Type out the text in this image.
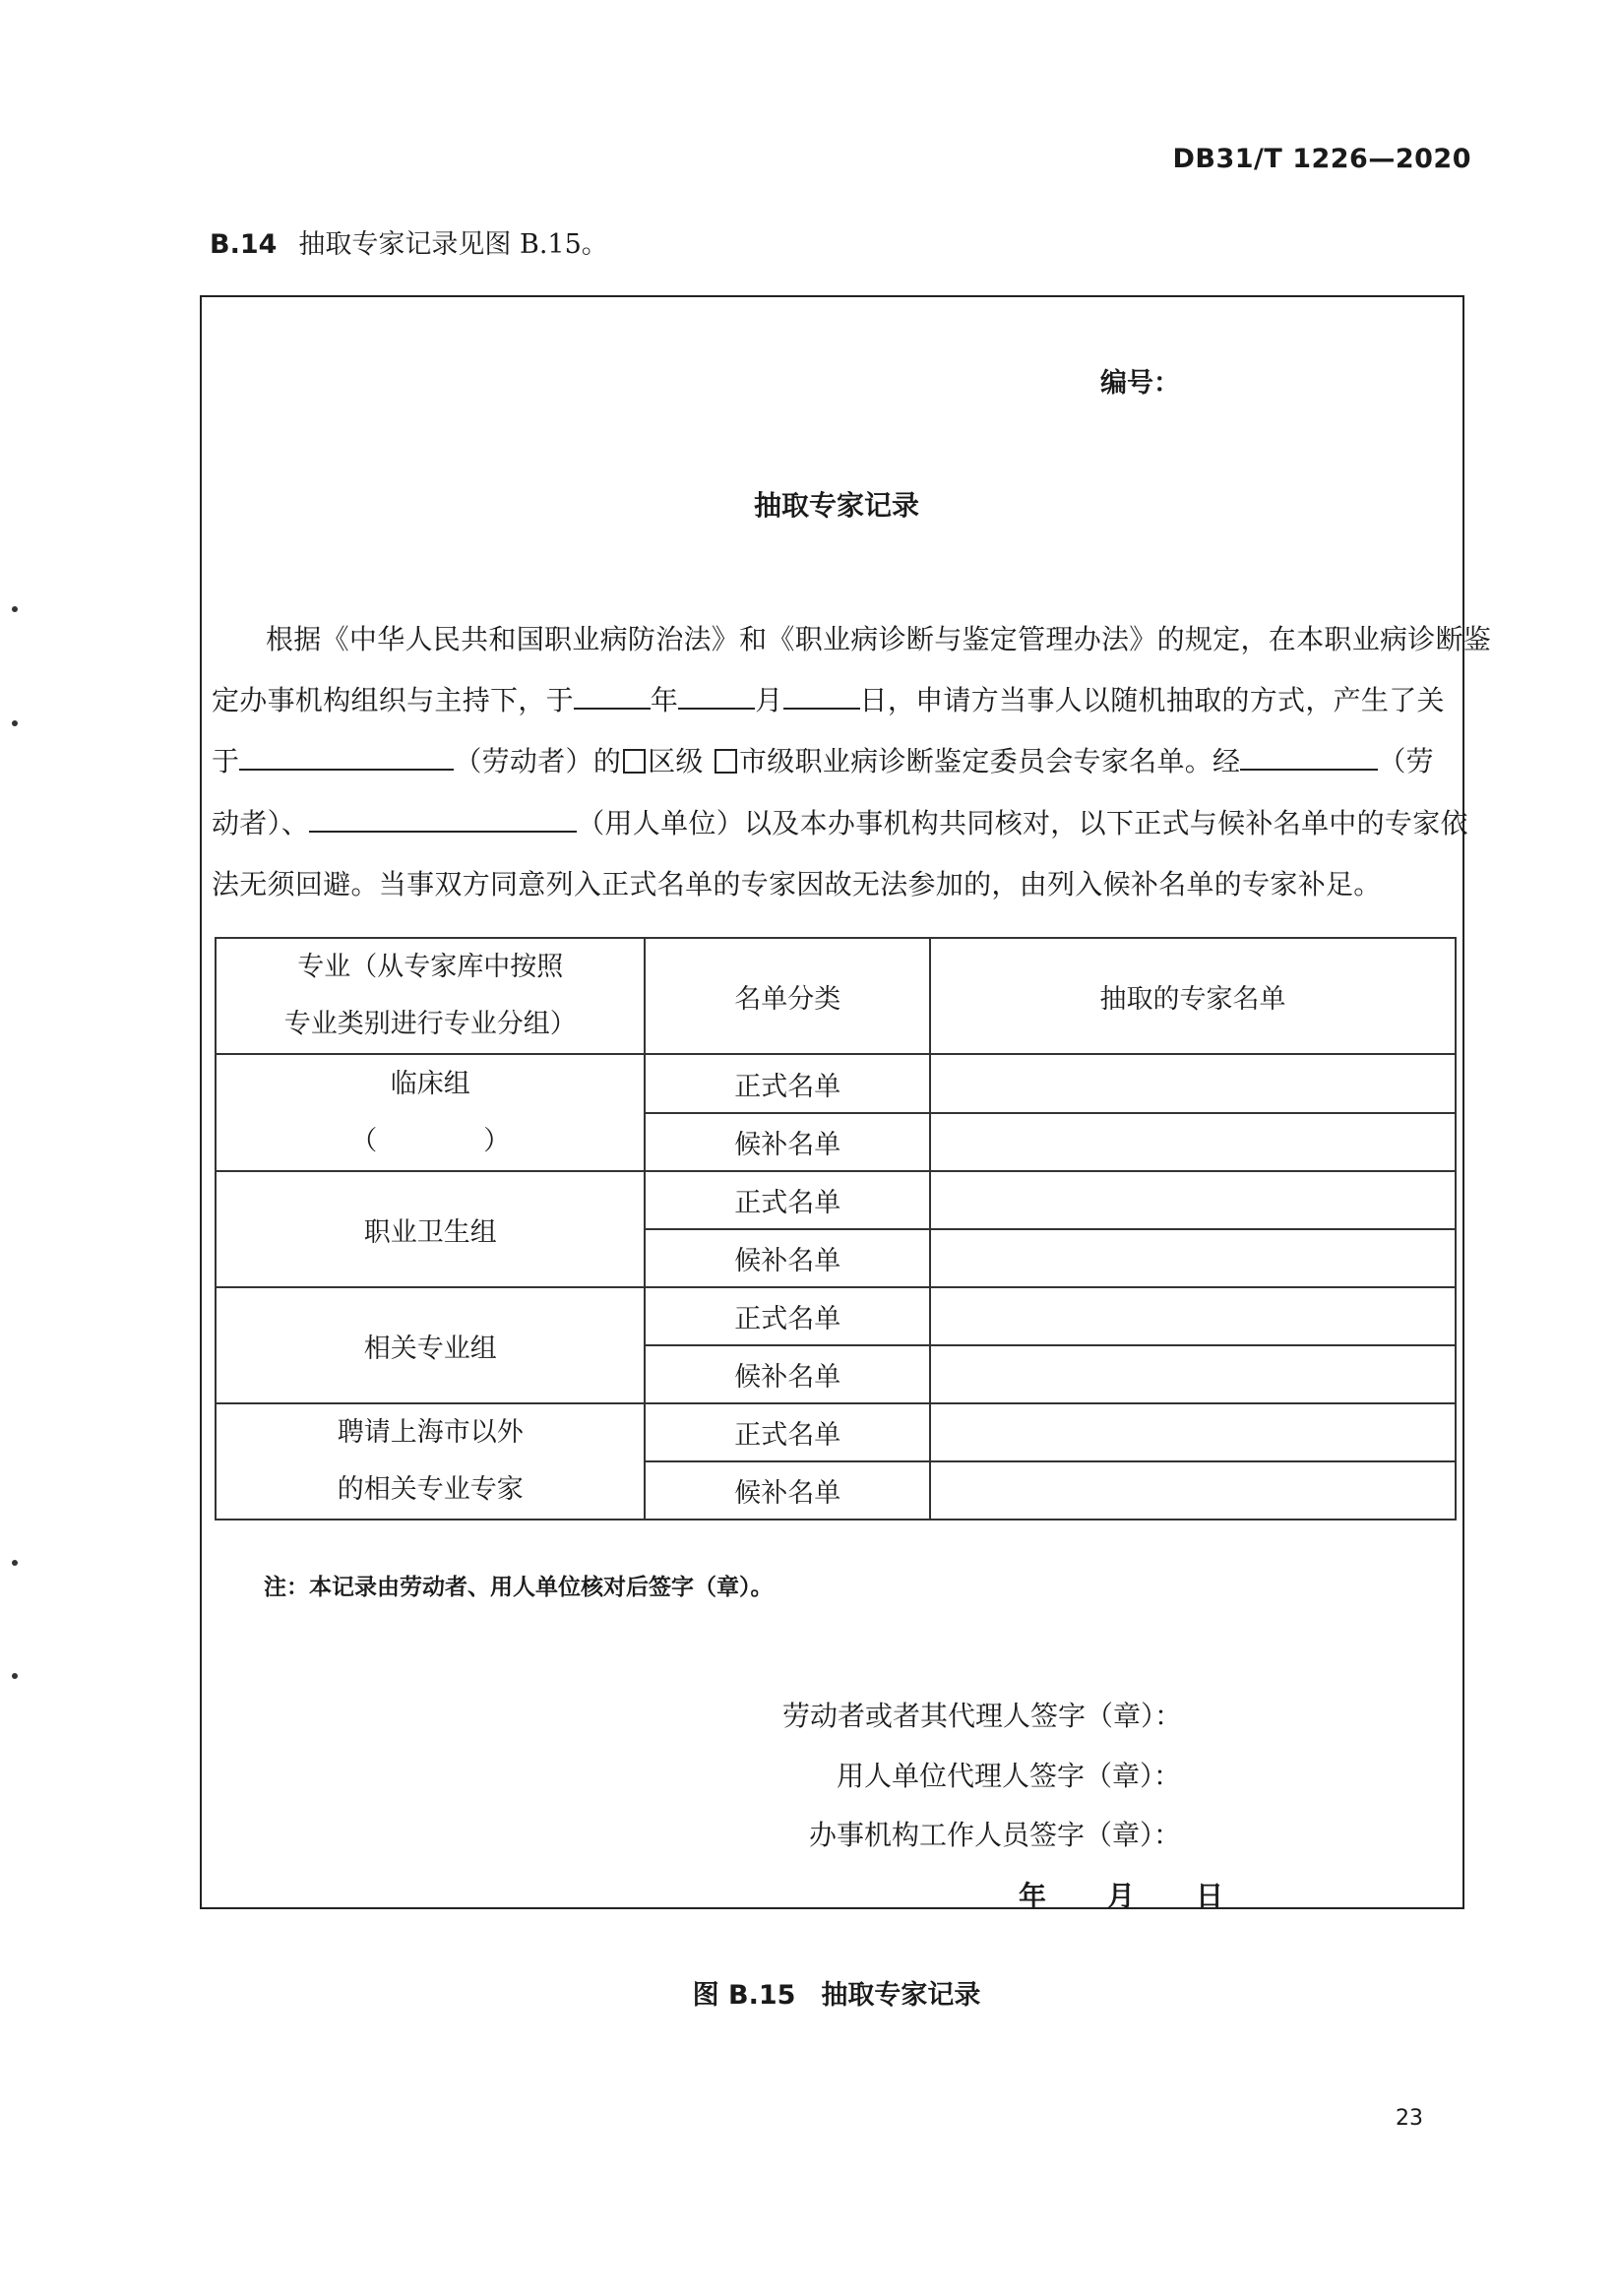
DB31/T 1226—2020
B.14 抽取专家记录见图 B.15。
编号：
抽取专家记录
根据《中华人民共和国职业病防治法》和《职业病诊断与鉴定管理办法》的规定，在本职业病诊断鉴
定办事机构组织与主持下，于	年	月	日，申请方当事人以随机抽取的方式，产生了关
于	（劳动者）的 区级 市级职业病诊断鉴定委员会专家名单。经	（劳
动者）、	（用人单位）以及本办事机构共同核对，以下正式与候补名单中的专家依
法无须回避。当事双方同意列入正式名单的专家因故无法参加的，由列入候补名单的专家补足。
专业（从专家库中按照
专业类别进行专业分组）	名单分类	抽取的专家名单

临床组
（　　　　）	正式名单	
	候补名单	
职业卫生组	正式名单	
	候补名单	
相关专业组	正式名单	
	候补名单	

聘请上海市以外
的相关专业专家	正式名单	
	候补名单	
注：本记录由劳动者、用人单位核对后签字（章）。
劳动者或者其代理人签字（章）：
用人单位代理人签字（章）：
办事机构工作人员签字（章）：
年 月 日
图 B.15 抽取专家记录
23
